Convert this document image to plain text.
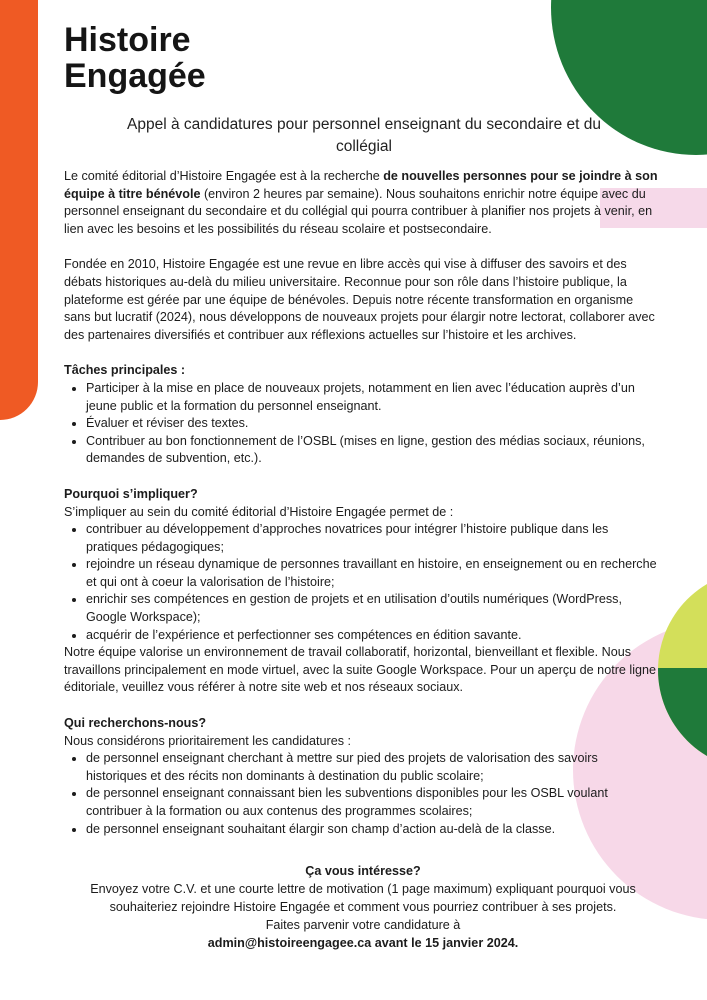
Histoire
Engagée
Appel à candidatures pour personnel enseignant du secondaire et du collégial

Le comité éditorial d’Histoire Engagée est à la recherche de nouvelles personnes pour se joindre à son équipe à titre bénévole (environ 2 heures par semaine). Nous souhaitons enrichir notre équipe avec du personnel enseignant du secondaire et du collégial qui pourra contribuer à planifier nos projets à venir, en lien avec les besoins et les possibilités du réseau scolaire et postsecondaire.

Fondée en 2010, Histoire Engagée est une revue en libre accès qui vise à diffuser des savoirs et des débats historiques au-delà du milieu universitaire. Reconnue pour son rôle dans l’histoire publique, la plateforme est gérée par une équipe de bénévoles. Depuis notre récente transformation en organisme sans but lucratif (2024), nous développons de nouveaux projets pour élargir notre lectorat, collaborer avec des partenaires diversifiés et contribuer aux réflexions actuelles sur l’histoire et les archives.

Tâches principales :

• Participer à la mise en place de nouveaux projets, notamment en lien avec l’éducation auprès d’un jeune public et la formation du personnel enseignant.
• Évaluer et réviser des textes.
• Contribuer au bon fonctionnement de l’OSBL (mises en ligne, gestion des médias sociaux, réunions, demandes de subvention, etc.).

Pourquoi s’impliquer?

S’impliquer au sein du comité éditorial d’Histoire Engagée permet de :

• contribuer au développement d’approches novatrices pour intégrer l’histoire publique dans les pratiques pédagogiques;
• rejoindre un réseau dynamique de personnes travaillant en histoire, en enseignement ou en recherche et qui ont à coeur la valorisation de l’histoire;
• enrichir ses compétences en gestion de projets et en utilisation d’outils numériques (WordPress, Google Workspace);
• acquérir de l’expérience et perfectionner ses compétences en édition savante.

Notre équipe valorise un environnement de travail collaboratif, horizontal, bienveillant et flexible. Nous travaillons principalement en mode virtuel, avec la suite Google Workspace. Pour un aperçu de notre ligne éditoriale, veuillez vous référer à notre site web et nos réseaux sociaux.

Qui recherchons-nous?

Nous considérons prioritairement les candidatures :

• de personnel enseignant cherchant à mettre sur pied des projets de valorisation des savoirs historiques et des récits non dominants à destination du public scolaire;
• de personnel enseignant connaissant bien les subventions disponibles pour les OSBL voulant contribuer à la formation ou aux contenus des programmes scolaires;
• de personnel enseignant souhaitant élargir son champ d’action au-delà de la classe.

Ça vous intéresse?

Envoyez votre C.V. et une courte lettre de motivation (1 page maximum) expliquant pourquoi vous souhaiteriez rejoindre Histoire Engagée et comment vous pourriez contribuer à ses projets.

Faites parvenir votre candidature à

admin@histoireengagee.ca avant le 15 janvier 2024.
